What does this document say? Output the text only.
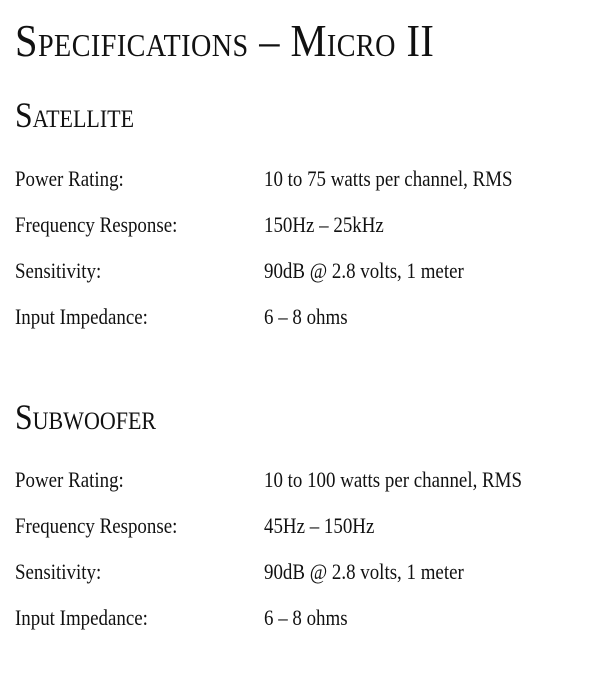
Specifications – Micro II
Satellite
Power Rating:	10 to 75 watts per channel, RMS
Frequency Response:	150Hz – 25kHz
Sensitivity:	90dB @ 2.8 volts, 1 meter
Input Impedance:	6 – 8 ohms
Subwoofer
Power Rating:	10 to 100 watts per channel, RMS
Frequency Response:	45Hz – 150Hz
Sensitivity:	90dB @ 2.8 volts, 1 meter
Input Impedance:	6 – 8 ohms
